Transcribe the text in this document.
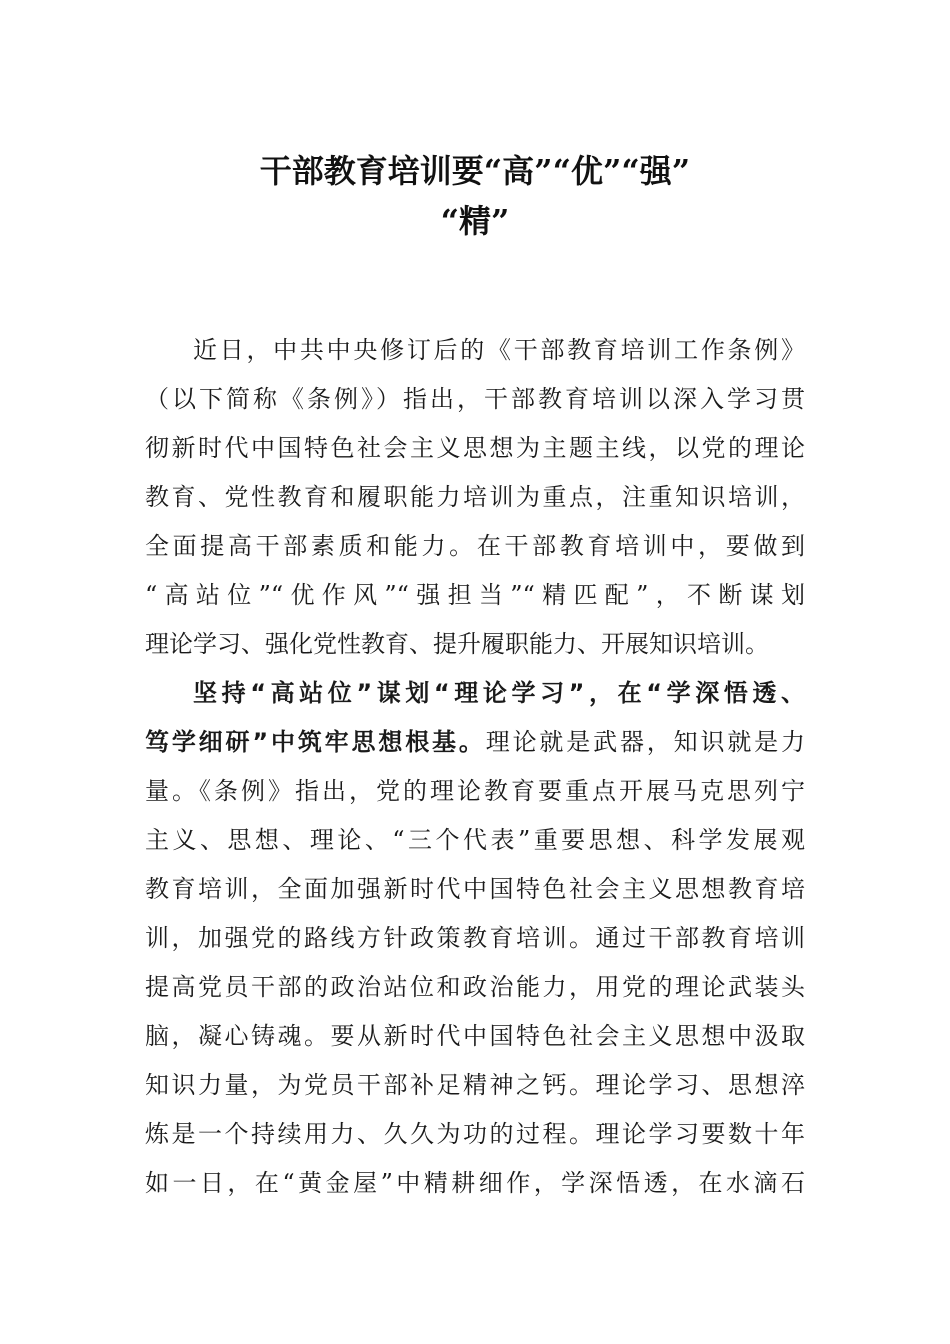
干部教育培训要“高”“优”“强”
“精”
近日，中共中央修订后的《干部教育培训工作条例》
（以下简称《条例》）指出，干部教育培训以深入学习贯
彻新时代中国特色社会主义思想为主题主线，以党的理论
教育、党性教育和履职能力培训为重点，注重知识培训，
全面提高干部素质和能力。在干部教育培训中，要做到
“高站位”“优作风”“强担当”“精匹配”，不断谋划
理论学习、强化党性教育、提升履职能力、开展知识培训。
坚持“高站位”谋划“理论学习”，在“学深悟透、
笃学细研”中筑牢思想根基。理论就是武器，知识就是力
量。《条例》指出，党的理论教育要重点开展马克思列宁
主义、思想、理论、“三个代表”重要思想、科学发展观
教育培训，全面加强新时代中国特色社会主义思想教育培
训，加强党的路线方针政策教育培训。通过干部教育培训
提高党员干部的政治站位和政治能力，用党的理论武装头
脑，凝心铸魂。要从新时代中国特色社会主义思想中汲取
知识力量，为党员干部补足精神之钙。理论学习、思想淬
炼是一个持续用力、久久为功的过程。理论学习要数十年
如一日，在“黄金屋”中精耕细作，学深悟透，在水滴石
